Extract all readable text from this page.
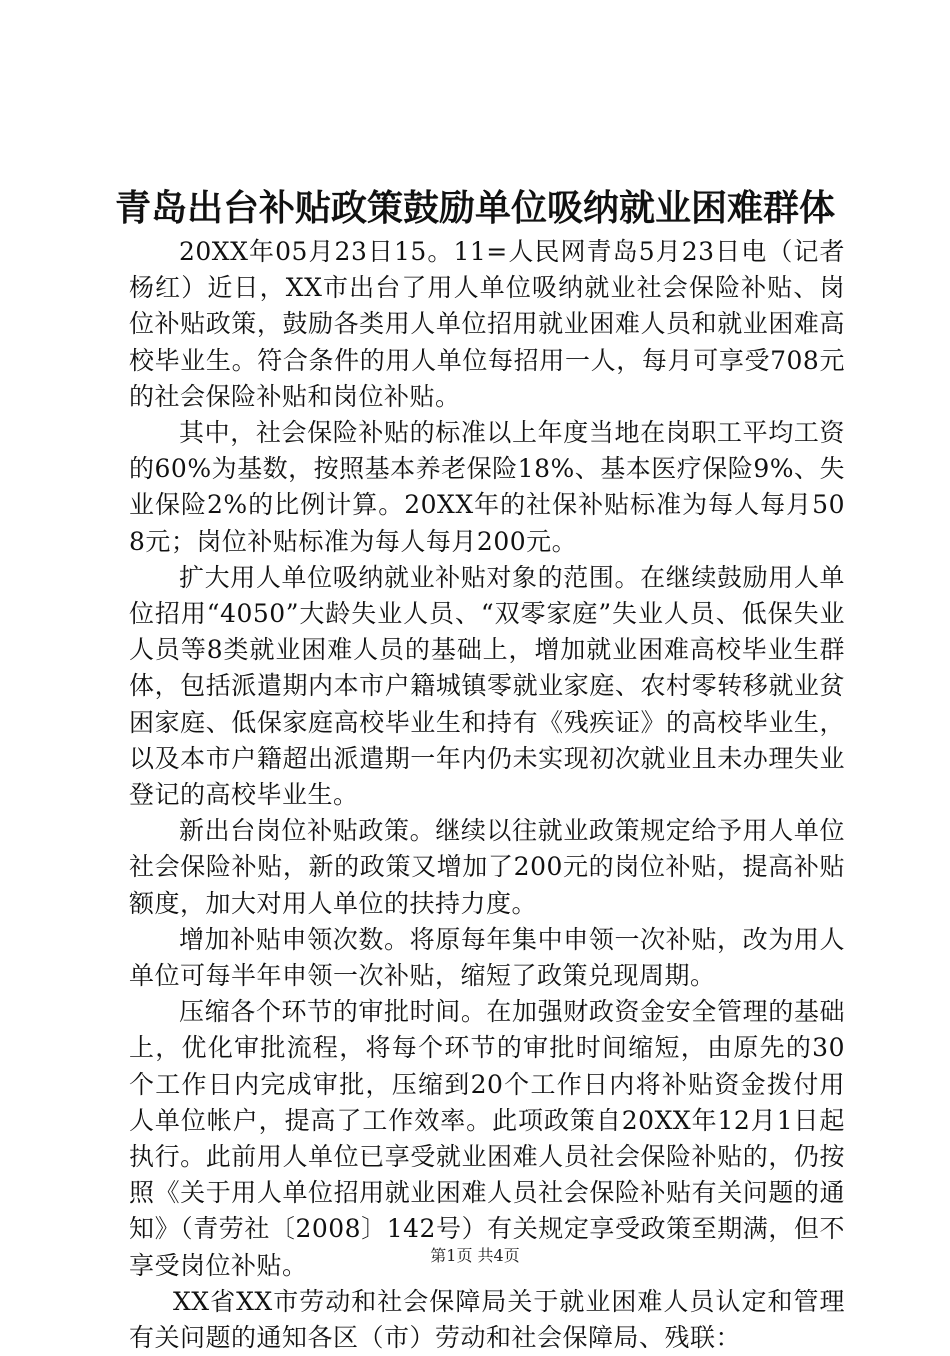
青岛出台补贴政策鼓励单位吸纳就业困难群体

20XX年05月23日15。11=人民网青岛5月23日电（记者杨红）近日，XX市出台了用人单位吸纳就业社会保险补贴、岗位补贴政策，鼓励各类用人单位招用就业困难人员和就业困难高校毕业生。符合条件的用人单位每招用一人，每月可享受708元的社会保险补贴和岗位补贴。

其中，社会保险补贴的标准以上年度当地在岗职工平均工资的60%为基数，按照基本养老保险18%、基本医疗保险9%、失业保险2%的比例计算。20XX年的社保补贴标准为每人每月508元；岗位补贴标准为每人每月200元。

扩大用人单位吸纳就业补贴对象的范围。在继续鼓励用人单位招用“4050”大龄失业人员、“双零家庭”失业人员、低保失业人员等8类就业困难人员的基础上，增加就业困难高校毕业生群体，包括派遣期内本市户籍城镇零就业家庭、农村零转移就业贫困家庭、低保家庭高校毕业生和持有《残疾证》的高校毕业生，以及本市户籍超出派遣期一年内仍未实现初次就业且未办理失业登记的高校毕业生。

新出台岗位补贴政策。继续以往就业政策规定给予用人单位社会保险补贴，新的政策又增加了200元的岗位补贴，提高补贴额度，加大对用人单位的扶持力度。

增加补贴申领次数。将原每年集中申领一次补贴，改为用人单位可每半年申领一次补贴，缩短了政策兑现周期。

压缩各个环节的审批时间。在加强财政资金安全管理的基础上，优化审批流程，将每个环节的审批时间缩短，由原先的30个工作日内完成审批，压缩到20个工作日内将补贴资金拨付用人单位帐户，提高了工作效率。此项政策自20XX年12月1日起执行。此前用人单位已享受就业困难人员社会保险补贴的，仍按照《关于用人单位招用就业困难人员社会保险补贴有关问题的通知》（青劳社〔2008〕142号）有关规定享受政策至期满，但不享受岗位补贴。

XX省XX市劳动和社会保障局关于就业困难人员认定和管理有关问题的通知各区（市）劳动和社会保障局、残联：

第1页 共4页
